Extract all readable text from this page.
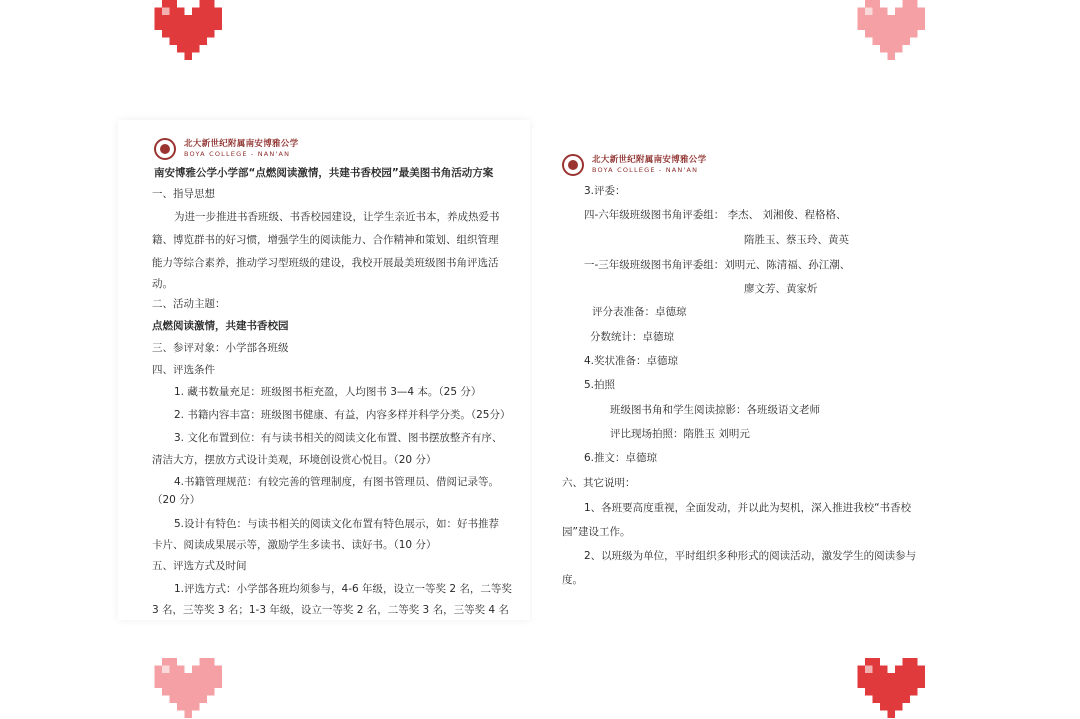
北大新世纪附属南安博雅公学
BOYA COLLEGE - NAN'AN
南安博雅公学小学部“点燃阅读激情，共建书香校园”最美图书角活动方案
一、指导思想
为进一步推进书香班级、书香校园建设，让学生亲近书本，养成热爱书
籍、博览群书的好习惯，增强学生的阅读能力、合作精神和策划、组织管理
能力等综合素养，推动学习型班级的建设，我校开展最美班级图书角评选活
动。
二、活动主题：
点燃阅读激情，共建书香校园
三、参评对象：小学部各班级
四、评选条件
1. 藏书数量充足：班级图书柜充盈，人均图书 3—4 本。（25 分）
2. 书籍内容丰富：班级图书健康、有益，内容多样并科学分类。（25分）
3. 文化布置到位：有与读书相关的阅读文化布置、图书摆放整齐有序、
清洁大方，摆放方式设计美观，环境创设赏心悦目。（20 分）
4.书籍管理规范：有较完善的管理制度，有图书管理员、借阅记录等。
（20 分）
5.设计有特色：与读书相关的阅读文化布置有特色展示，如：好书推荐
卡片、阅读成果展示等，激励学生多读书、读好书。（10 分）
五、评选方式及时间
1.评选方式：小学部各班均须参与，4-6 年级，设立一等奖 2 名，二等奖
3 名，三等奖 3 名；1-3 年级，设立一等奖 2 名，二等奖 3 名，三等奖 4 名
北大新世纪附属南安博雅公学
BOYA COLLEGE - NAN'AN
3.评委：
四-六年级班级图书角评委组： 李杰、 刘湘俊、程格格、
隋胜玉、蔡玉玲、黄英
一-三年级班级图书角评委组：刘明元、陈清福、孙江潮、
廖文芳、黄家炘
评分表准备：卓德琼
分数统计：卓德琼
4.奖状准备：卓德琼
5.拍照
班级图书角和学生阅读掠影：各班级语文老师
评比现场拍照：隋胜玉 刘明元
6.推文：卓德琼
六、其它说明：
1、各班要高度重视，全面发动，并以此为契机，深入推进我校“书香校
园”建设工作。
2、以班级为单位，平时组织多种形式的阅读活动，激发学生的阅读参与
度。
